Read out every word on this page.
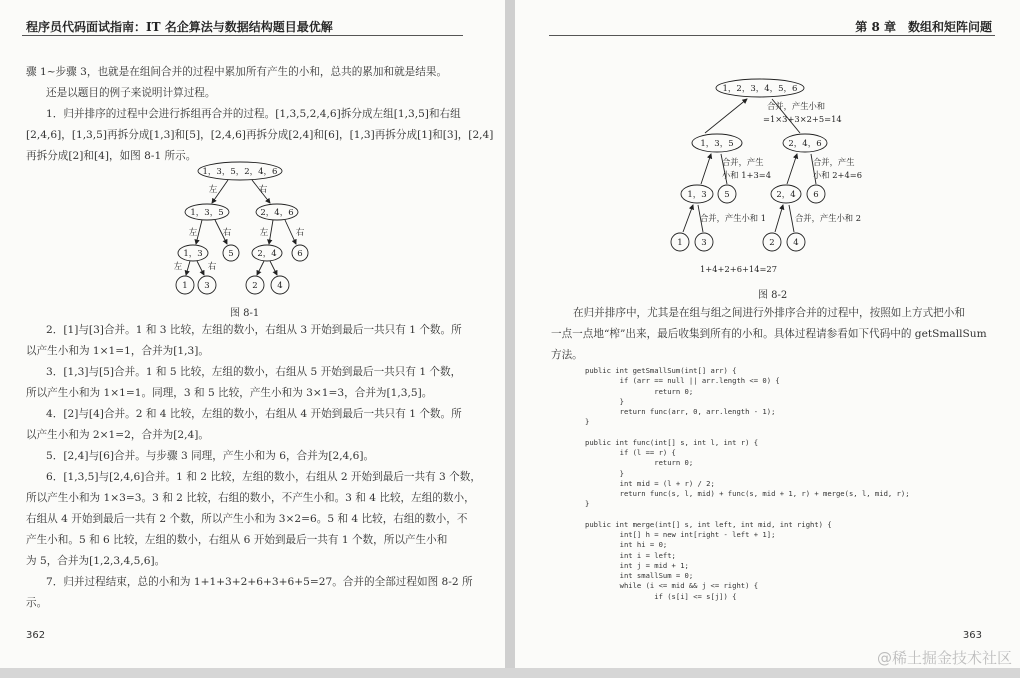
程序员代码面试指南：IT 名企算法与数据结构题目最优解

骤 1~步骤 3，也就是在组间合并的过程中累加所有产生的小和，总共的累加和就是结果。

还是以题目的例子来说明计算过程。

1．归并排序的过程中会进行拆组再合并的过程。[1,3,5,2,4,6]拆分成左组[1,3,5]和右组

[2,4,6]，[1,3,5]再拆分成[1,3]和[5]，[2,4,6]再拆分成[2,4]和[6]，[1,3]再拆分成[1]和[3]，[2,4]

再拆分成[2]和[4]，如图 8-1 所示。

1，3，5，2，4，6
1，3，5	2，4，6
1，3	5	2，4 6
1 3	2 4
左	右
左	右	左	右
左	右
图 8-1

2．[1]与[3]合并。1 和 3 比较，左组的数小，右组从 3 开始到最后一共只有 1 个数。所

以产生小和为 1×1=1，合并为[1,3]。

3．[1,3]与[5]合并。1 和 5 比较，左组的数小，右组从 5 开始到最后一共只有 1 个数，

所以产生小和为 1×1=1。同理，3 和 5 比较，产生小和为 3×1=3，合并为[1,3,5]。

4．[2]与[4]合并。2 和 4 比较，左组的数小，右组从 4 开始到最后一共只有 1 个数。所

以产生小和为 2×1=2，合并为[2,4]。

5．[2,4]与[6]合并。与步骤 3 同理，产生小和为 6，合并为[2,4,6]。

6．[1,3,5]与[2,4,6]合并。1 和 2 比较，左组的数小，右组从 2 开始到最后一共有 3 个数，

所以产生小和为 1×3=3。3 和 2 比较，右组的数小，不产生小和。3 和 4 比较，左组的数小，

右组从 4 开始到最后一共有 2 个数，所以产生小和为 3×2=6。5 和 4 比较，右组的数小，不

产生小和。5 和 6 比较，左组的数小，右组从 6 开始到最后一共有 1 个数，所以产生小和

为 5，合并为[1,2,3,4,5,6]。

7．归并过程结束，总的小和为 1+1+3+2+6+3+6+5=27。合并的全部过程如图 8-2 所

示。

362
第 8 章　数组和矩阵问题
1，2，3，4，5，6
1，3，5	2，4，6
1，3 5	2，4 6
1 3	2 4
合并，产生小和
=1×3+3×2+5=14
合并，产生
小和 1+3=4
合并，产生
小和 2+4=6
合并，产生小和 1	合并，产生小和 2
1+4+2+6+14=27
图 8-2

在归并排序中，尤其是在组与组之间进行外排序合并的过程中，按照如上方式把小和

一点一点地“榨”出来，最后收集到所有的小和。具体过程请参看如下代码中的 getSmallSum

方法。

public int getSmallSum(int[] arr) {
if (arr == null || arr.length <= 0) {
return 0;
}
return func(arr, 0, arr.length - 1);
}

public int func(int[] s, int l, int r) {
if (l == r) {
return 0;
}
int mid = (l + r) / 2;
return func(s, l, mid) + func(s, mid + 1, r) + merge(s, l, mid, r);
}

public int merge(int[] s, int left, int mid, int right) {
int[] h = new int[right - left + 1];
int hi = 0;
int i = left;
int j = mid + 1;
int smallSum = 0;
while (i <= mid && j <= right) {
if (s[i] <= s[j]) {
363
@稀土掘金技术社区
